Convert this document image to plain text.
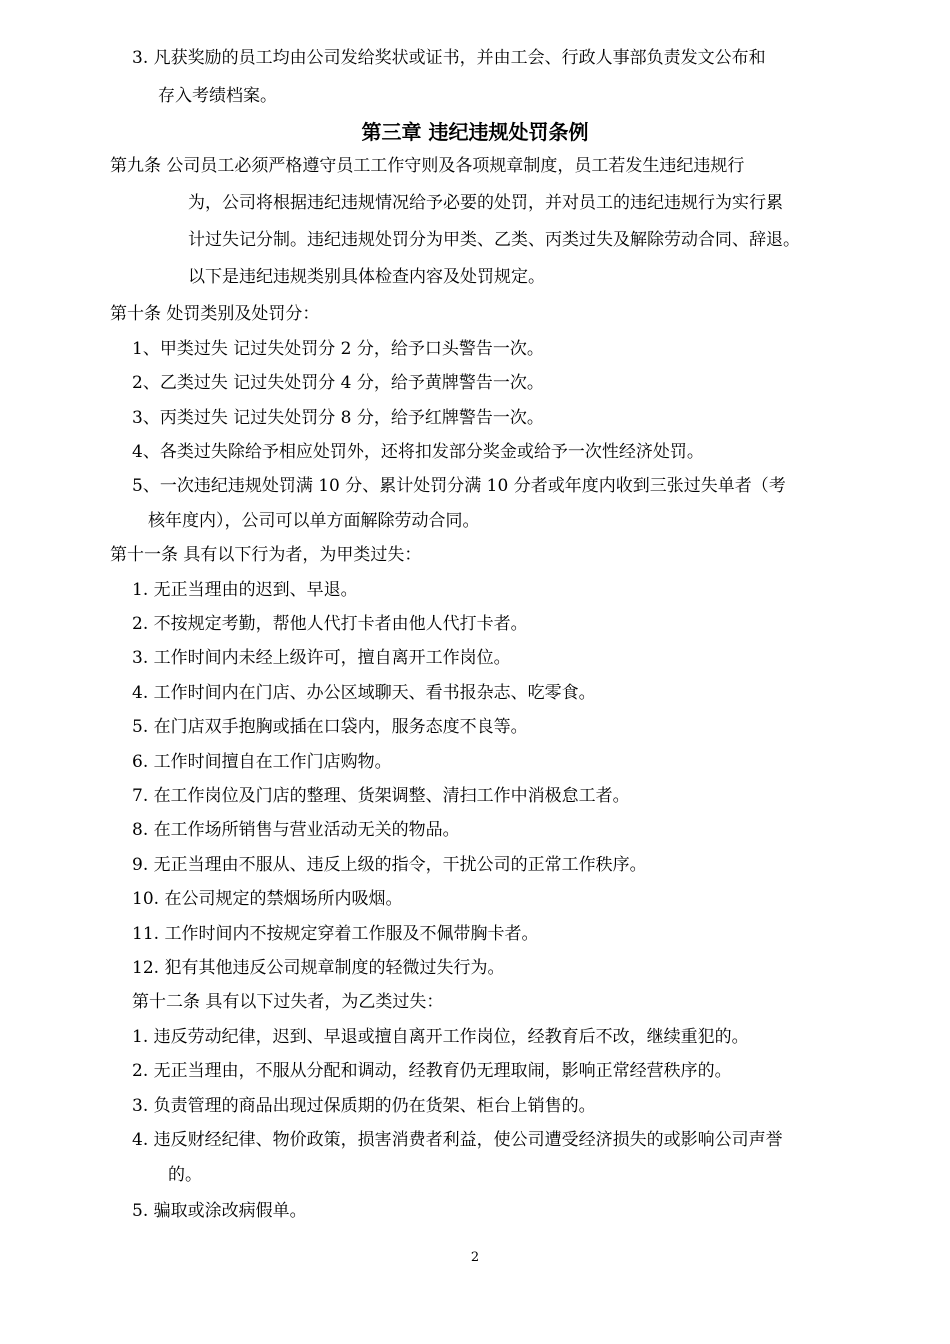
3. 凡获奖励的员工均由公司发给奖状或证书，并由工会、行政人事部负责发文公布和
存入考绩档案。
第三章 违纪违规处罚条例
第九条 公司员工必须严格遵守员工工作守则及各项规章制度，员工若发生违纪违规行
为，公司将根据违纪违规情况给予必要的处罚，并对员工的违纪违规行为实行累
计过失记分制。违纪违规处罚分为甲类、乙类、丙类过失及解除劳动合同、辞退。
以下是违纪违规类别具体检查内容及处罚规定。
第十条 处罚类别及处罚分：
1、甲类过失 记过失处罚分 2 分，给予口头警告一次。
2、乙类过失 记过失处罚分 4 分，给予黄牌警告一次。
3、丙类过失 记过失处罚分 8 分，给予红牌警告一次。
4、各类过失除给予相应处罚外，还将扣发部分奖金或给予一次性经济处罚。
5、一次违纪违规处罚满 10 分、累计处罚分满 10 分者或年度内收到三张过失单者（考
核年度内），公司可以单方面解除劳动合同。
第十一条 具有以下行为者，为甲类过失：
1. 无正当理由的迟到、早退。
2. 不按规定考勤，帮他人代打卡者由他人代打卡者。
3. 工作时间内未经上级许可，擅自离开工作岗位。
4. 工作时间内在门店、办公区域聊天、看书报杂志、吃零食。
5. 在门店双手抱胸或插在口袋内，服务态度不良等。
6. 工作时间擅自在工作门店购物。
7. 在工作岗位及门店的整理、货架调整、清扫工作中消极怠工者。
8. 在工作场所销售与营业活动无关的物品。
9. 无正当理由不服从、违反上级的指令，干扰公司的正常工作秩序。
10. 在公司规定的禁烟场所内吸烟。
11. 工作时间内不按规定穿着工作服及不佩带胸卡者。
12. 犯有其他违反公司规章制度的轻微过失行为。
第十二条 具有以下过失者，为乙类过失：
1. 违反劳动纪律，迟到、早退或擅自离开工作岗位，经教育后不改，继续重犯的。
2. 无正当理由，不服从分配和调动，经教育仍无理取闹，影响正常经营秩序的。
3. 负责管理的商品出现过保质期的仍在货架、柜台上销售的。
4. 违反财经纪律、物价政策，损害消费者利益，使公司遭受经济损失的或影响公司声誉
的。
5. 骗取或涂改病假单。
2
